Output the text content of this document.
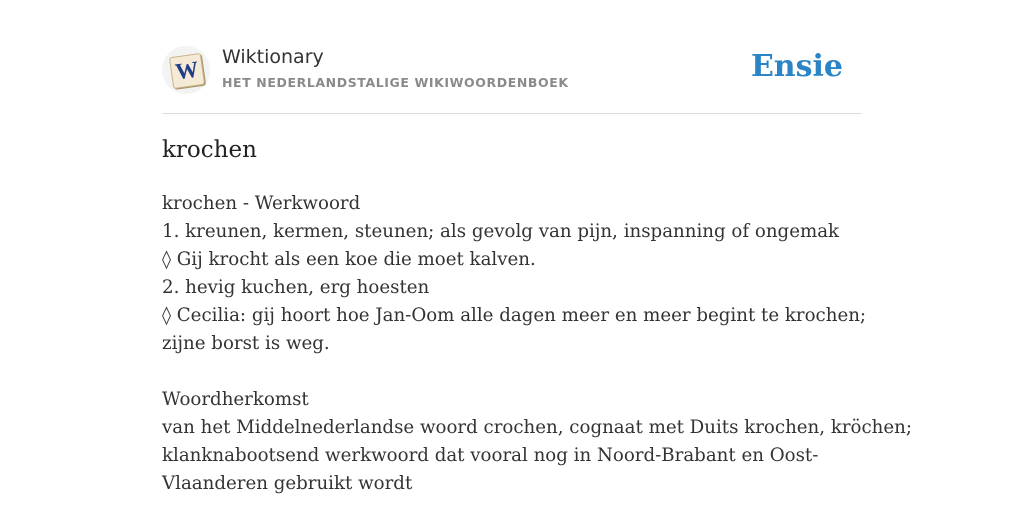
W Wiktionary
HET NEDERLANDSTALIGE WIKIWOORDENBOEK	Ensie
krochen
krochen - Werkwoord
1. kreunen, kermen, steunen; als gevolg van pijn, inspanning of ongemak
◊ Gij krocht als een koe die moet kalven.
2. hevig kuchen, erg hoesten
◊ Cecilia: gij hoort hoe Jan-Oom alle dagen meer en meer begint te krochen;
zijne borst is weg.
Woordherkomst
van het Middelnederlandse woord crochen, cognaat met Duits krochen, kröchen;
klanknabootsend werkwoord dat vooral nog in Noord-Brabant en Oost-
Vlaanderen gebruikt wordt
